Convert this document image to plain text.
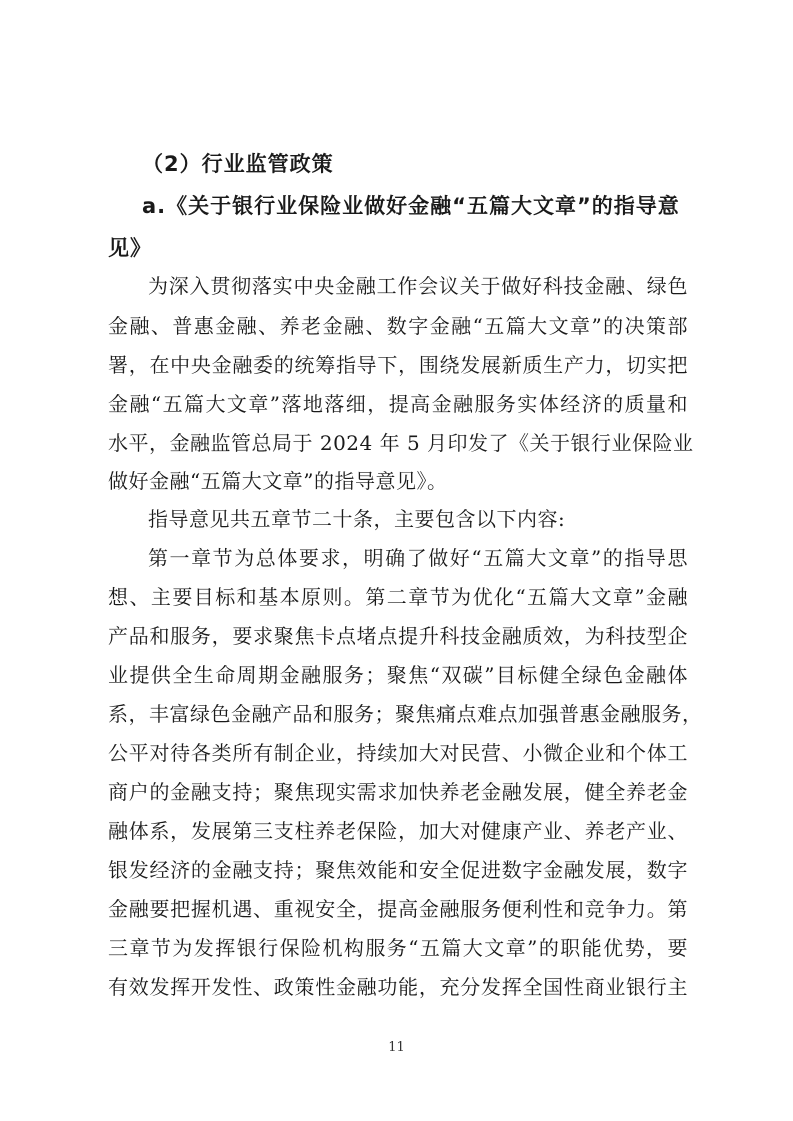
（2）行业监管政策

a.《关于银行业保险业做好金融“五篇大文章”的指导意

见》

为深入贯彻落实中央金融工作会议关于做好科技金融、绿色

金融、普惠金融、养老金融、数字金融“五篇大文章”的决策部

署，在中央金融委的统筹指导下，围绕发展新质生产力，切实把

金融“五篇大文章”落地落细，提高金融服务实体经济的质量和

水平，金融监管总局于 2024 年 5 月印发了《关于银行业保险业

做好金融“五篇大文章”的指导意见》。

指导意见共五章节二十条，主要包含以下内容:

第一章节为总体要求，明确了做好“五篇大文章”的指导思

想、主要目标和基本原则。第二章节为优化“五篇大文章”金融

产品和服务，要求聚焦卡点堵点提升科技金融质效，为科技型企

业提供全生命周期金融服务；聚焦“双碳”目标健全绿色金融体

系，丰富绿色金融产品和服务；聚焦痛点难点加强普惠金融服务，

公平对待各类所有制企业，持续加大对民营、小微企业和个体工

商户的金融支持；聚焦现实需求加快养老金融发展，健全养老金

融体系，发展第三支柱养老保险，加大对健康产业、养老产业、

银发经济的金融支持；聚焦效能和安全促进数字金融发展，数字

金融要把握机遇、重视安全，提高金融服务便利性和竞争力。第

三章节为发挥银行保险机构服务“五篇大文章”的职能优势，要

有效发挥开发性、政策性金融功能，充分发挥全国性商业银行主

11
